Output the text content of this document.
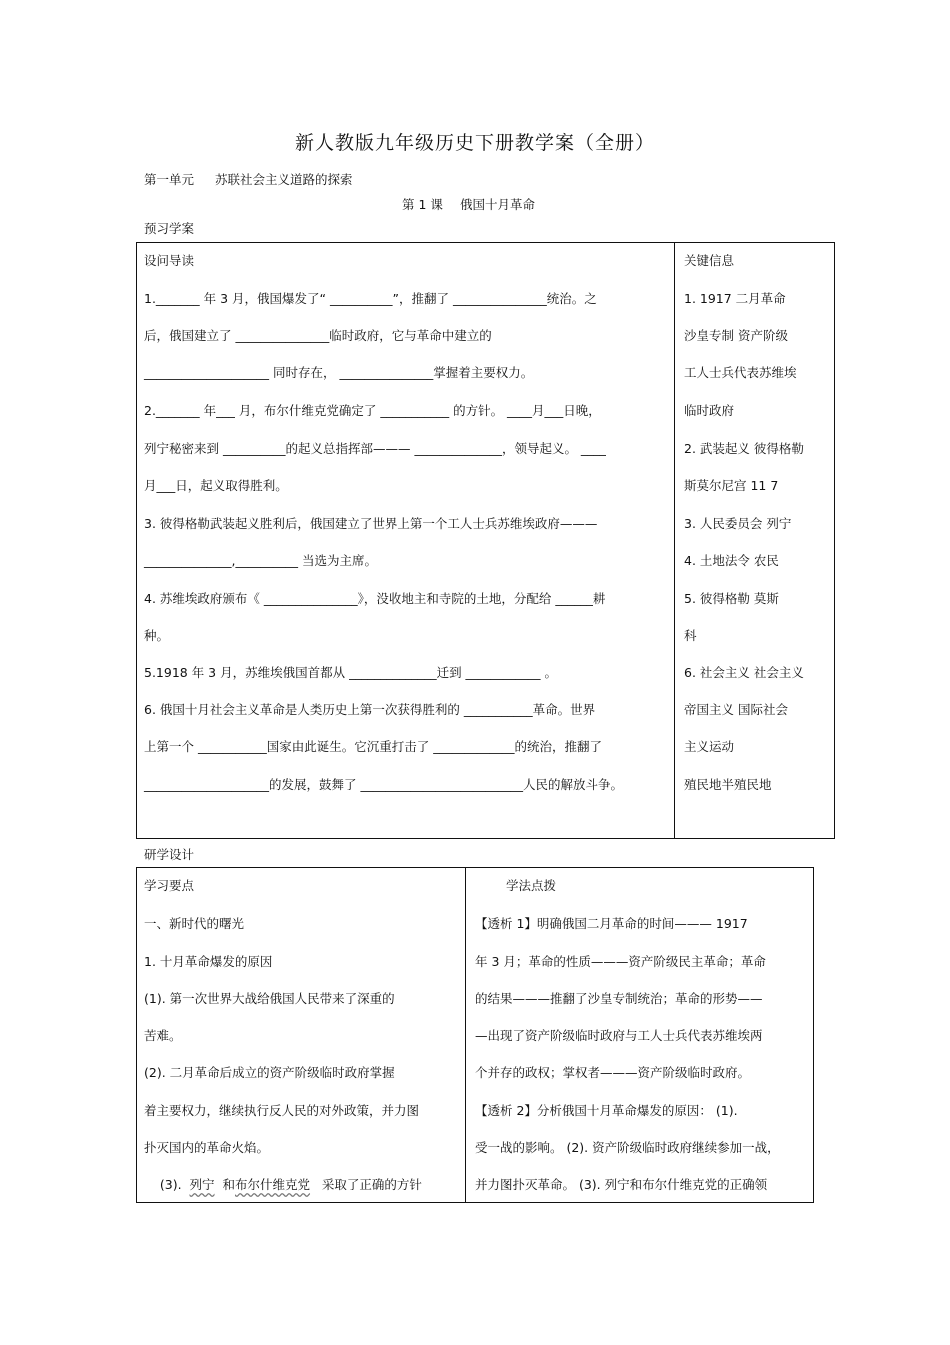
新人教版九年级历史下册教学案（全册）
第一单元 苏联社会主义道路的探索
第 1 课 俄国十月革命
预习学案
设问导读	关键信息
1._______ 年 3 月，俄国爆发了“ __________”，推翻了 _______________统治。之
后，俄国建立了 _______________临时政府，它与革命中建立的
____________________ 同时存在， _______________掌握着主要权力。
2._______ 年___ 月，布尔什维克党确定了 ___________ 的方针。 ____月___日晚，
列宁秘密来到 __________的起义总指挥部——— ______________，领导起义。 ____
月___日，起义取得胜利。
3. 彼得格勒武装起义胜利后，俄国建立了世界上第一个工人士兵苏维埃政府———
______________,__________ 当选为主席。
4. 苏维埃政府颁布《 _______________》，没收地主和寺院的土地，分配给 ______耕
种。
5.1918 年 3 月，苏维埃俄国首都从 ______________迁到 ____________ 。
6. 俄国十月社会主义革命是人类历史上第一次获得胜利的 ___________革命。世界
上第一个 ___________国家由此诞生。它沉重打击了 _____________的统治，推翻了
____________________的发展，鼓舞了 __________________________人民的解放斗争。
1. 1917 二月革命
沙皇专制 资产阶级
工人士兵代表苏维埃
临时政府
2. 武装起义 彼得格勒
斯莫尔尼宫 11 7
3. 人民委员会 列宁
4. 土地法令 农民
5. 彼得格勒 莫斯
科
6. 社会主义 社会主义
帝国主义 国际社会
主义运动
殖民地半殖民地
研学设计
学习要点	学法点拨
一、新时代的曙光
1. 十月革命爆发的原因
(1). 第一次世界大战给俄国人民带来了深重的
苦难。
(2). 二月革命后成立的资产阶级临时政府掌握
着主要权力，继续执行反人民的对外政策，并力图
扑灭国内的革命火焰。
(3).  列宁  和布尔什维克党   采取了正确的方针
【透析 1】明确俄国二月革命的时间——— 1917
年 3 月；革命的性质———资产阶级民主革命；革命
的结果———推翻了沙皇专制统治；革命的形势——
—出现了资产阶级临时政府与工人士兵代表苏维埃两
个并存的政权；掌权者———资产阶级临时政府。
【透析 2】分析俄国十月革命爆发的原因： (1).
受一战的影响。 (2). 资产阶级临时政府继续参加一战，
并力图扑灭革命。 (3). 列宁和布尔什维克党的正确领
